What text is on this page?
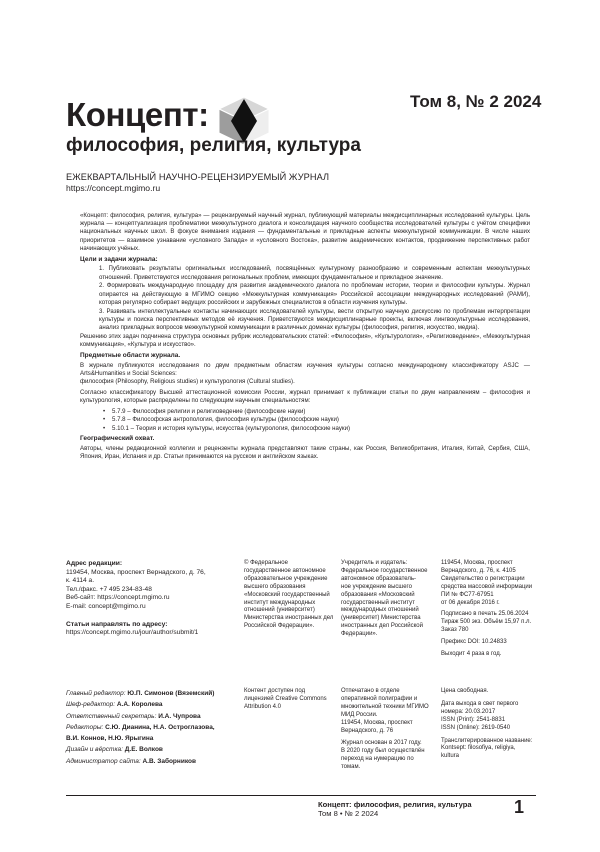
Концепт:	Том 8, № 2 2024
философия, религия, культура
ЕЖЕКВАРТАЛЬНЫЙ НАУЧНО-РЕЦЕНЗИРУЕМЫЙ ЖУРНАЛ
https://concept.mgimo.ru

«Концепт: философия, религия, культура» — рецензируемый научный журнал, публикующий материалы междисциплинарных исследований культуры. Цель журнала — концептуализация проблематики межкультурного диалога и консолидация научного сообщества исследователей культуры с учётом специфики национальных научных школ. В фокусе внимания издания — фундаментальные и прикладные аспекты межкультурной коммуникации. В числе наших приоритетов — взаимное узнавание «условного Запада» и «условного Востока», развитие академических контактов, продвижение перспективных работ начинающих учёных.

Цели и задачи журнала:
1. Публиковать результаты оригинальных исследований, посвящённых культурному разнообразию и современным аспектам межкультурных отношений. Приветствуются исследования региональных проблем, имеющих фундаментальное и прикладное значение.
2. Формировать международную площадку для развития академического диалога по проблемам истории, теории и философии культуры. Журнал опирается на действующую в МГИМО секцию «Межкультурная коммуникация» Российской ассоциации международных исследований (РАМИ), которая регулярно собирает ведущих российских и зарубежных специалистов в области изучения культуры.
3. Развивать интеллектуальные контакты начинающих исследователей культуры, вести открытую научную дискуссию по проблемам интерпретации культуры и поиска перспективных методов её изучения. Приветствуются междисциплинарные проекты, включая лингвокультурные исследования, анализ прикладных вопросов межкультурной коммуникации в различных доменах культуры (философия, религия, искусство, медиа).

Решению этих задач подчинена структура основных рубрик исследовательских статей: «Философия», «Культурология», «Религиоведение», «Межкультурная коммуникация», «Культура и искусство».

Предметные области журнала.

В журнале публикуются исследования по двум предметным областям изучения культуры согласно международному классификатору ASJC — Arts&Humanities и Social Sciences:

философия (Philosophy, Religious studies) и культурология (Cultural studies).

Согласно классификатору Высшей аттестационной комиссии России, журнал принимает к публикации статьи по двум направлениям – философия и культурология, которые распределены по следующим научным специальностям:

• 5.7.9 – Философия религии и религиоведение (философские науки)
• 5.7.8 – Философская антропология, философия культуры (философские науки)
• 5.10.1 – Теория и история культуры, искусства (культурология, философские науки)
Географический охват.

Авторы, члены редакционной коллегии и рецензенты журнала представляют такие страны, как Россия, Великобритания, Италия, Китай, Сербия, США, Япония, Иран, Испания и др. Статьи принимаются на русском и английском языках.

Адрес редакции:
119454, Москва, проспект Вернадского, д. 76,
к. 4114 а.
Тел./факс. +7 495 234-83-48
Веб-сайт: https://concept.mgimo.ru
E-mail: concept@mgimo.ru
Статьи направлять по адресу:
https://concept.mgimo.ru/jour/author/submit/1
© Федеральное
государственное автономное
образовательное учреждение
высшего образования
«Московский государственный
институт международных
отношений (университет)
Министерства иностранных дел
Российской Федерации».
Учредитель и издатель:
Федеральное государственное
автономное образователь-
ное учреждение высшего
образования «Московский
государственный институт
международных отношений
(университет) Министерства
иностранных дел Российской
Федерации».
119454, Москва, проспект
Вернадского, д. 76, к. 4105
Свидетельство о регистрации
средства массовой информации
ПИ № ФС77-67951
от 06 декабря 2016 г.
Подписано в печать 25.06.2024
Тираж 500 экз. Объём 15,97 п.л.
Заказ 780
Префикс DOI: 10.24833
Выходит 4 раза в год.
Главный редактор: Ю.П. Симонов (Вяземский)
Шеф-редактор: А.А. Королева
Ответственный секретарь: И.А. Чупрова
Редакторы: С.Ю. Дианина, Н.А. Остроглазова,
В.И. Коннов, Н.Ю. Ярыгина
Дизайн и вёрстка: Д.Е. Волков
Администратор сайта: А.В. Заборников
Контент доступен под
лицензией Creative Commons
Attribution 4.0
Отпечатано в отделе
оперативной полиграфии и
множительной техники МГИМО
МИД России.
119454, Москва, проспект
Вернадского, д. 76
Журнал основан в 2017 году.
В 2020 году был осуществлён
переход на нумерацию по
томам.
Цена свободная.
Дата выхода в свет первого
номера: 20.03.2017
ISSN (Print): 2541-8831
ISSN (Online): 2619-0540
Транслитерированное название:
Kontsept: filosofiya, religiya,
kultura
Концепт: философия, религия, культура
Том 8 • № 2 2024	1
